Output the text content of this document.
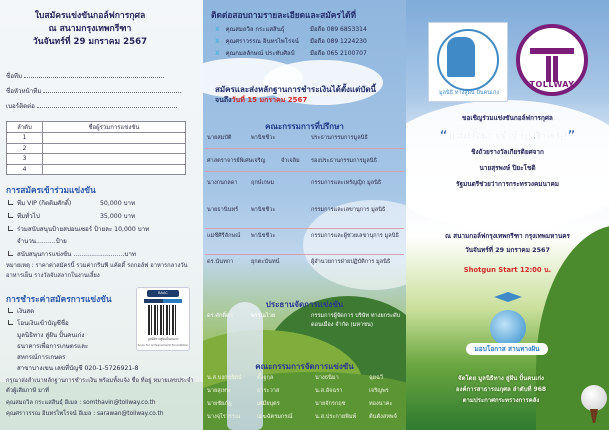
ใบสมัครแข่งขันกอล์ฟการกุศล
ณ สนามกรุงเทพกรีฑา
วันจันทร์ที่ 29 มกราคม 2567
ชื่อทีม
ชื่อหัวหน้าทีม
เบอร์ติดต่อ
ลำดับ	ชื่อผู้ร่วมการแข่งขัน
1	
2	
3	
4	
การสมัครเข้าร่วมแข่งขัน
ทีม VIP (กิตติมศักดิ์)	50,000 บาท
ทีมทั่วไป	35,000 บาท
ร่วมสนับสนุนป้ายสปอนเซอร์ ป้ายละ 10,000 บาท
จำนวน..........ป้าย
สนับสนุนการแข่งขัน ..........................บาท
หมายเหตุ : ราคาค่าสมัครนี้ รวมค่ากรีนฟี แค้ดดี้ รถกอล์ฟ อาหารกลางวัน อาหารเย็น รางวัลจับสลากในงานเลี้ยง
การชำระค่าสมัครการแข่งขัน
เงินสด
โอนเงินเข้าบัญชีชื่อ
มูลนิธิทาง สู่ฝัน ปั้นคนเก่ง
ธนาคารเพื่อการเกษตรและ
สหกรณ์การเกษตร
สาขาบางเขน เลขที่บัญชี 020-1-5726921-8
BAAC
มูลนิธิทางสู่ฝันปั้นคนเก่ง
Scan for Achievement Foundation
กรุณาส่งสำเนาหลักฐานการชำระเงิน พร้อมทั้งแจ้ง ชื่อ ที่อยู่ หมายเลขประจำตัวผู้เสียภาษี มาที่
คุณสมถวิล กระแสสินธุ์ อีเมล : somthavin@tollway.co.th
คุณศราวรรณ อินทรไพโรจน์ อีเมล : sarawan@tollway.co.th
ติดต่อสอบถามรายละเอียดและสมัครได้ที่
X คุณสมถวิล กระแสสินธุ์	มือถือ 089 6853314
X คุณศราวรรณ อินทรไพโรจน์ มือถือ 089 1224230
X คุณกมลลักษณ์ ประทับศิลป์	มือถือ 065 2100707
สมัครและส่งหลักฐานการชำระเงินได้ตั้งแต่บัดนี้
จนถึงวันที่ 15 มกราคม 2567
คณะกรรมการที่ปรึกษา
นายสมบัติ	พานิชชีวะ	ประธานกรรมการมูลนิธิ
ศาสตราจารย์พิเศษเจริญ	จำเจลิม รองประธานกรรมการมูลนิธิ
นางกนกลดา ฤกษ์เกษม	กรรมการและเหรัญญิก มูลนิธิ
นายธานินทร์ พานิชชีวะ	กรรมการและเลขานุการ มูลนิธิ
แม่ชีศิรีลักษณ์ พานิชชีวะ	กรรมการและผู้ช่วยเลขานุการ มูลนิธิ
ดร.นันทกา	ยุกตะนันทน์	ผู้อำนวยการฝ่ายปฏิบัติการ มูลนิธิ
ประธานจัดการแข่งขัน
ดร.ศักดิ์ดา	พรรณไวย	กรรมการผู้จัดการ บริษัท ทางยกระดับดอนเมือง จำกัด (มหาชน)
คณะกรรมการจัดการแข่งขัน
น.ส.บงกชรัตน์	ตั้งฐกุล	นางธนิมา	ฉุยฉวี
นายสุเทพ	ธาระวาส	น.ส.อัจฉรา	เจริญพร
นายชัยภัฏ	เตมียบุตร	นายจักรกฤช	ทองนาคะ
นางจุไรวรรณ	เมฆฉัตรมกรณ์	น.ส.ประกายพิมพ์ ต้นตังสหพจ์
มูลนิธิ ทางสู่ฝัน ปั้นคนเก่ง
TOLLWAY
ขอเชิญร่วมแข่งขันกอล์ฟการกุศล
“มอบโอกาส สานทางฝัน”
ชิงถ้วยรางวัลเกียรติยศจาก
นายสุรพงษ์ ปิยะโชติ
รัฐมนตรีช่วยว่าการกระทรวงคมนาคม
ณ สนามกอล์ฟกรุงเทพกรีฑา กรุงเทพมหานคร
วันจันทร์ที่ 29 มกราคม 2567
Shotgun Start 12:00 น.
มอบโอกาส สานทางฝัน
จัดโดย มูลนิธิทาง สู่ฝัน ปั้นคนเก่ง
องค์การสาธารณกุศล ลำดับที่ 968
ตามประกาศกระทรวงการคลัง
